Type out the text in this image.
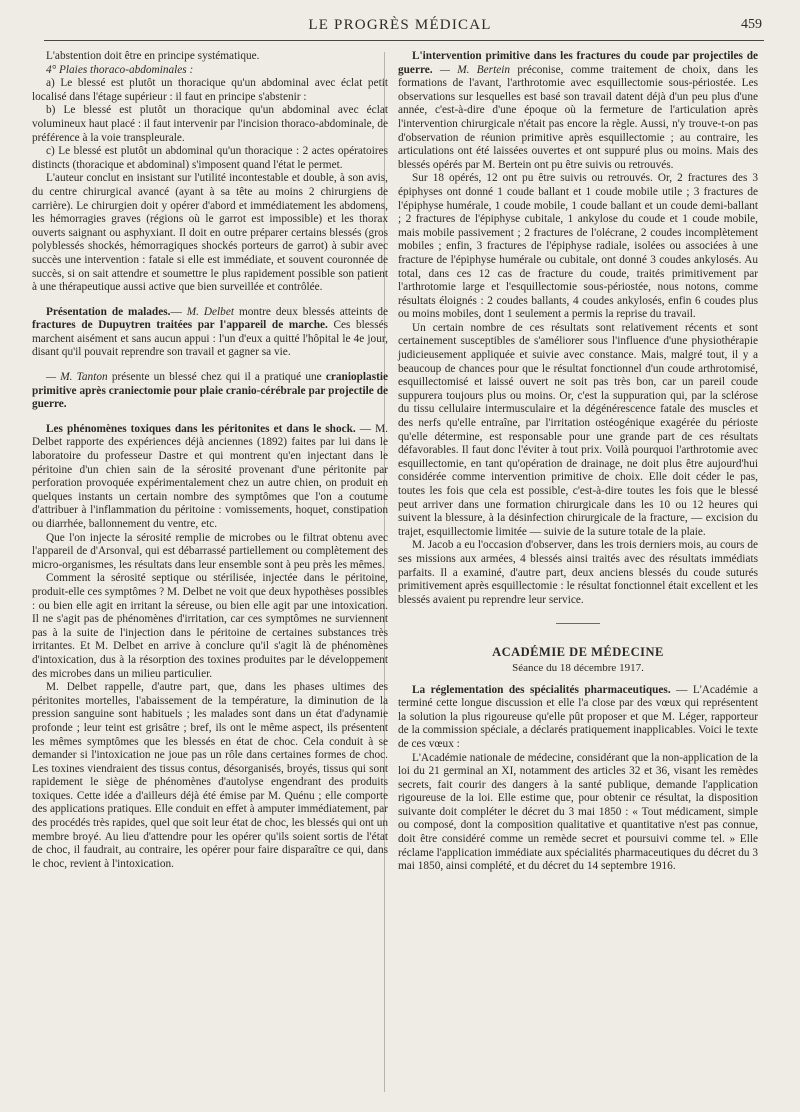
LE PROGRÈS MÉDICAL	459

L'abstention doit être en principe systématique.

4° Plaies thoraco-abdominales :

a) Le blessé est plutôt un thoracique qu'un abdominal avec éclat petit localisé dans l'étage supérieur : il faut en principe s'abstenir :

b) Le blessé est plutôt un thoracique qu'un abdominal avec éclat volumineux haut placé : il faut intervenir par l'incision thoraco-abdominale, de préférence à la voie transpleurale.

c) Le blessé est plutôt un abdominal qu'un thoracique : 2 actes opératoires distincts (thoracique et abdominal) s'imposent quand l'état le permet.

L'auteur conclut en insistant sur l'utilité incontestable et double, à son avis, du centre chirurgical avancé (ayant à sa tête au moins 2 chirurgiens de carrière). Le chirurgien doit y opérer d'abord et immédiatement les abdomens, les hémorragies graves (régions où le garrot est impossible) et les thorax ouverts saignant ou asphyxiant. Il doit en outre préparer certains blessés (gros polyblessés shockés, hémorragiques shockés porteurs de garrot) à subir avec succès une intervention : fatale si elle est immédiate, et souvent couronnée de succès, si on sait attendre et soumettre le plus rapidement possible son patient à une thérapeutique aussi active que bien surveillée et contrôlée.

Présentation de malades.— M. Delbet montre deux blessés atteints de fractures de Dupuytren traitées par l'appareil de marche. Ces blessés marchent aisément et sans aucun appui : l'un d'eux a quitté l'hôpital le 4e jour, disant qu'il pouvait reprendre son travail et gagner sa vie.

— M. Tanton présente un blessé chez qui il a pratiqué une cranioplastie primitive après craniectomie pour plaie cranio-cérébrale par projectile de guerre.

Les phénomènes toxiques dans les péritonites et dans le shock. — M. Delbet rapporte des expériences déjà anciennes (1892) faites par lui dans le laboratoire du professeur Dastre et qui montrent qu'en injectant dans le péritoine d'un chien sain de la sérosité provenant d'une péritonite par perforation provoquée expérimentalement chez un autre chien, on produit en quelques instants un certain nombre des symptômes que l'on a coutume d'attribuer à l'inflammation du péritoine : vomissements, hoquet, constipation ou diarrhée, ballonnement du ventre, etc.

Que l'on injecte la sérosité remplie de microbes ou le filtrat obtenu avec l'appareil de d'Arsonval, qui est débarrassé partiellement ou complètement des micro-organismes, les résultats dans leur ensemble sont à peu près les mêmes.

Comment la sérosité septique ou stérilisée, injectée dans le péritoine, produit-elle ces symptômes ? M. Delbet ne voit que deux hypothèses possibles : ou bien elle agit en irritant la séreuse, ou bien elle agit par une intoxication. Il ne s'agit pas de phénomènes d'irritation, car ces symptômes ne surviennent pas à la suite de l'injection dans le péritoine de certaines substances très irritantes. Et M. Delbet en arrive à conclure qu'il s'agit là de phénomènes d'intoxication, dus à la résorption des toxines produites par le développement des microbes dans un milieu particulier.

M. Delbet rappelle, d'autre part, que, dans les phases ultimes des péritonites mortelles, l'abaissement de la température, la diminution de la pression sanguine sont habituels ; les malades sont dans un état d'adynamie profonde ; leur teint est grisâtre ; bref, ils ont le même aspect, ils présentent les mêmes symptômes que les blessés en état de choc. Cela conduit à se demander si l'intoxication ne joue pas un rôle dans certaines formes de choc. Les toxines viendraient des tissus contus, désorganisés, broyés, tissus qui sont rapidement le siège de phénomènes d'autolyse engendrant des produits toxiques. Cette idée a d'ailleurs déjà été émise par M. Quénu ; elle comporte des applications pratiques. Elle conduit en effet à amputer immédiatement, par des procédés très rapides, quel que soit leur état de choc, les blessés qui ont un membre broyé. Au lieu d'attendre pour les opérer qu'ils soient sortis de l'état de choc, il faudrait, au contraire, les opérer pour faire disparaître ce qui, dans le choc, revient à l'intoxication.

L'intervention primitive dans les fractures du coude par projectiles de guerre. — M. Bertein préconise, comme traitement de choix, dans les formations de l'avant, l'arthrotomie avec esquillectomie sous-périostée. Les observations sur lesquelles est basé son travail datent déjà d'un peu plus d'une année, c'est-à-dire d'une époque où la fermeture de l'articulation après l'intervention chirurgicale n'était pas encore la règle. Aussi, n'y trouve-t-on pas d'observation de réunion primitive après esquillectomie ; au contraire, les articulations ont été laissées ouvertes et ont suppuré plus ou moins. Mais des blessés opérés par M. Bertein ont pu être suivis ou retrouvés.

Sur 18 opérés, 12 ont pu être suivis ou retrouvés. Or, 2 fractures des 3 épiphyses ont donné 1 coude ballant et 1 coude mobile utile ; 3 fractures de l'épiphyse humérale, 1 coude mobile, 1 coude ballant et un coude demi-ballant ; 2 fractures de l'épiphyse cubitale, 1 ankylose du coude et 1 coude mobile, mais mobile passivement ; 2 fractures de l'olécrane, 2 coudes incomplètement mobiles ; enfin, 3 fractures de l'épiphyse radiale, isolées ou associées à une fracture de l'épiphyse humérale ou cubitale, ont donné 3 coudes ankylosés. Au total, dans ces 12 cas de fracture du coude, traités primitivement par l'arthrotomie large et l'esquillectomie sous-périostée, nous notons, comme résultats éloignés : 2 coudes ballants, 4 coudes ankylosés, enfin 6 coudes plus ou moins mobiles, dont 1 seulement a permis la reprise du travail.

Un certain nombre de ces résultats sont relativement récents et sont certainement susceptibles de s'améliorer sous l'influence d'une physiothérapie judicieusement appliquée et suivie avec constance. Mais, malgré tout, il y a beaucoup de chances pour que le résultat fonctionnel d'un coude arthrotomisé, esquillectomisé et laissé ouvert ne soit pas très bon, car un pareil coude suppurera toujours plus ou moins. Or, c'est la suppuration qui, par la sclérose du tissu cellulaire intermusculaire et la dégénérescence fatale des muscles et des nerfs qu'elle entraîne, par l'irritation ostéogénique exagérée du périoste qu'elle détermine, est responsable pour une grande part de ces résultats défavorables. Il faut donc l'éviter à tout prix. Voilà pourquoi l'arthrotomie avec esquillectomie, en tant qu'opération de drainage, ne doit plus être aujourd'hui considérée comme intervention primitive de choix. Elle doit céder le pas, toutes les fois que cela est possible, c'est-à-dire toutes les fois que le blessé peut arriver dans une formation chirurgicale dans les 10 ou 12 heures qui suivent la blessure, à la désinfection chirurgicale de la fracture, — excision du trajet, esquillectomie limitée — suivie de la suture totale de la plaie.

M. Jacob a eu l'occasion d'observer, dans les trois derniers mois, au cours de ses missions aux armées, 4 blessés ainsi traités avec des résultats immédiats parfaits. Il a examiné, d'autre part, deux anciens blessés du coude suturés primitivement après esquillectomie : le résultat fonctionnel était excellent et les blessés avaient pu reprendre leur service.

ACADÉMIE DE MÉDECINE
Séance du 18 décembre 1917.

La réglementation des spécialités pharmaceutiques. — L'Académie a terminé cette longue discussion et elle l'a close par des vœux qui représentent la solution la plus rigoureuse qu'elle pût proposer et que M. Léger, rapporteur de la commission spéciale, a déclarés pratiquement inapplicables. Voici le texte de ces vœux :

L'Académie nationale de médecine, considérant que la non-application de la loi du 21 germinal an XI, notamment des articles 32 et 36, visant les remèdes secrets, fait courir des dangers à la santé publique, demande l'application rigoureuse de la loi. Elle estime que, pour obtenir ce résultat, la disposition suivante doit compléter le décret du 3 mai 1850 : « Tout médicament, simple ou composé, dont la composition qualitative et quantitative n'est pas connue, doit être considéré comme un remède secret et poursuivi comme tel. » Elle réclame l'application immédiate aux spécialités pharmaceutiques du décret du 3 mai 1850, ainsi complété, et du décret du 14 septembre 1916.
